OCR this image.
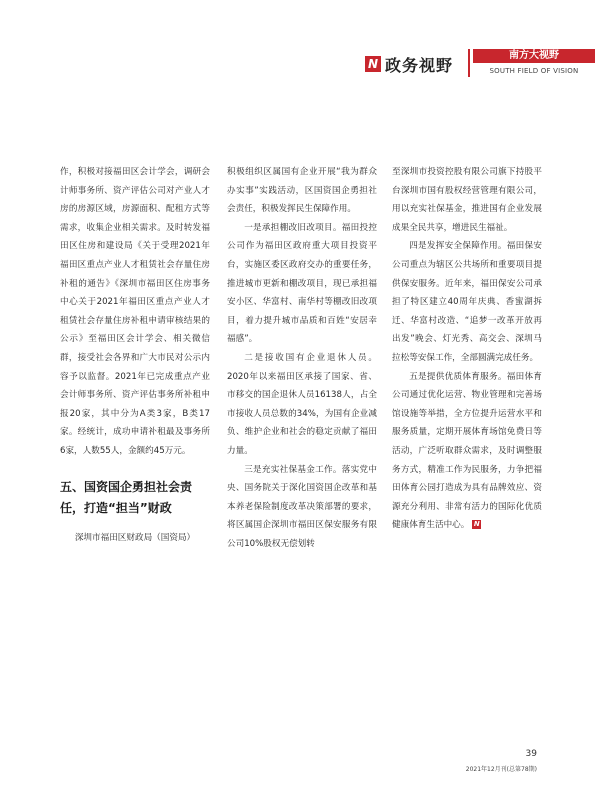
N 政务视野
南方大视野
SOUTH FIELD OF VISION

作，积极对接福田区会计学会，调研会计师事务所、资产评估公司对产业人才房的房源区域，房源面积、配租方式等需求，收集企业相关需求。及时转发福田区住房和建设局《关于受理2021年福田区重点产业人才租赁社会存量住房补租的通告》《深圳市福田区住房事务中心关于2021年福田区重点产业人才租赁社会存量住房补租申请审核结果的公示》至福田区会计学会、相关微信群，接受社会各界和广大市民对公示内容予以监督。2021年已完成重点产业会计师事务所、资产评估事务所补租申报20家，其中分为A类3家，B类17家。经统计，成功申请补租最及事务所6家，人数55人，金额约45万元。

五、国资国企勇担社会责任，打造“担当”财政

深圳市福田区财政局（国资局）

积极组织区属国有企业开展“我为群众办实事”实践活动，区国资国企勇担社会责任，积极发挥民生保障作用。

一是承担棚改旧改项目。福田投控公司作为福田区政府重大项目投资平台，实施区委区政府交办的重要任务，推进城市更新和棚改项目，现已承担福安小区、华富村、南华村等棚改旧改项目，着力提升城市品质和百姓“安居幸福感”。

二是接收国有企业退休人员。2020年以来福田区承接了国家、省、市移交的国企退休人员16138人，占全市接收人员总数的34%，为国有企业减负、维护企业和社会的稳定贡献了福田力量。

三是充实社保基金工作。落实党中央、国务院关于深化国资国企改革和基本养老保险制度改革决策部署的要求，将区属国企深圳市福田区保安服务有限公司10%股权无偿划转

至深圳市投资控股有限公司旗下持股平台深圳市国有股权经营管理有限公司，用以充实社保基金，推进国有企业发展成果全民共享，增进民生福祉。

四是发挥安全保障作用。福田保安公司重点为辖区公共场所和重要项目提供保安服务。近年来，福田保安公司承担了特区建立40周年庆典、香蜜湖拆迁、华富村改造、“追梦一改革开放再出发”晚会、灯光秀、高交会、深圳马拉松等安保工作，全部圆满完成任务。

五是提供优质体育服务。福田体育公司通过优化运营、物业管理和完善场馆设施等举措，全方位提升运营水平和服务质量，定期开展体育场馆免费日等活动，广泛听取群众需求，及时调整服务方式，精准工作为民服务，力争把福田体育公园打造成为具有品牌效应、资源充分利用、非常有活力的国际化优质健康体育生活中心。 N

39
2021年12月刊(总第78期)
